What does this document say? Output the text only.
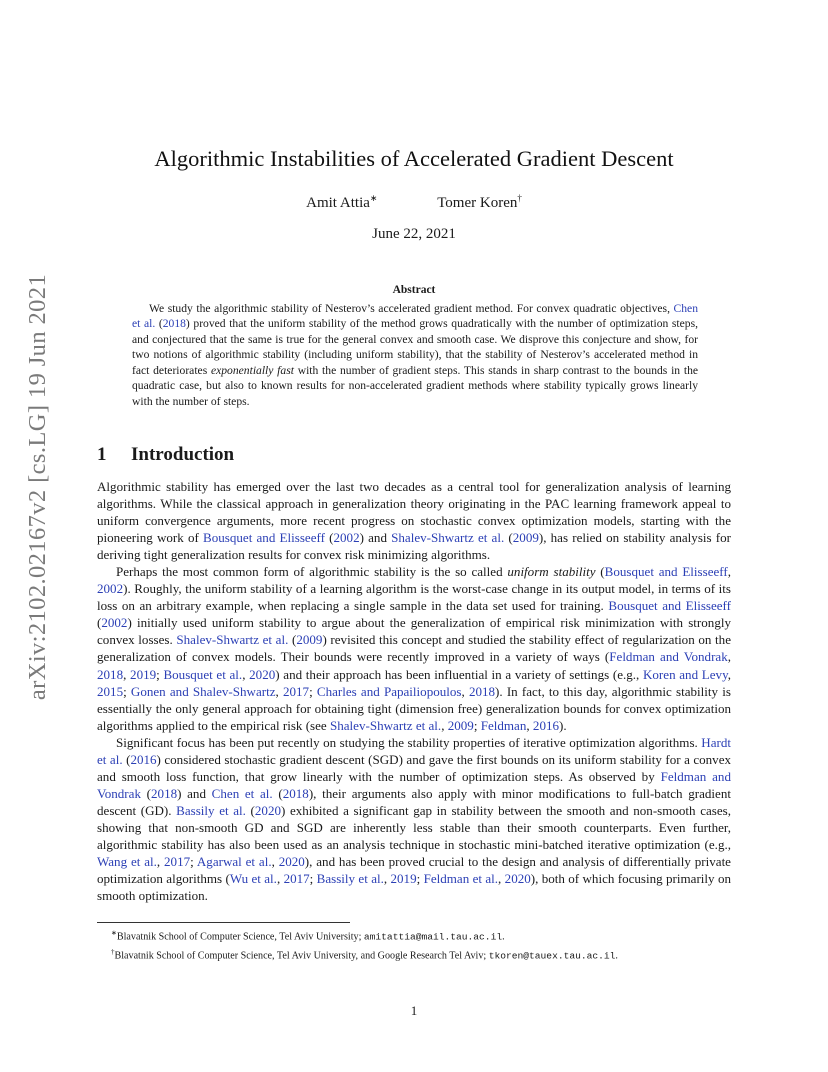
arXiv:2102.02167v2 [cs.LG] 19 Jun 2021
Algorithmic Instabilities of Accelerated Gradient Descent
Amit Attia∗	Tomer Koren†
June 22, 2021
Abstract
We study the algorithmic stability of Nesterov’s accelerated gradient method. For convex quadratic objectives, Chen et al. (2018) proved that the uniform stability of the method grows quadratically with the number of optimization steps, and conjectured that the same is true for the general convex and smooth case. We disprove this conjecture and show, for two notions of algorithmic stability (including uniform stability), that the stability of Nesterov’s accelerated method in fact deteriorates exponentially fast with the number of gradient steps. This stands in sharp contrast to the bounds in the quadratic case, but also to known results for non-accelerated gradient methods where stability typically grows linearly with the number of steps.
1 Introduction

Algorithmic stability has emerged over the last two decades as a central tool for generalization analysis of learning algorithms. While the classical approach in generalization theory originating in the PAC learning framework appeal to uniform convergence arguments, more recent progress on stochastic convex optimization models, starting with the pioneering work of Bousquet and Elisseeff (2002) and Shalev-Shwartz et al. (2009), has relied on stability analysis for deriving tight generalization results for convex risk minimizing algorithms.

Perhaps the most common form of algorithmic stability is the so called uniform stability (Bousquet and Elisseeff, 2002). Roughly, the uniform stability of a learning algorithm is the worst-case change in its output model, in terms of its loss on an arbitrary example, when replacing a single sample in the data set used for training. Bousquet and Elisseeff (2002) initially used uniform stability to argue about the generalization of empirical risk minimization with strongly convex losses. Shalev-Shwartz et al. (2009) revisited this concept and studied the stability effect of regularization on the generalization of convex models. Their bounds were recently improved in a variety of ways (Feldman and Vondrak, 2018, 2019; Bousquet et al., 2020) and their approach has been influential in a variety of settings (e.g., Koren and Levy, 2015; Gonen and Shalev-Shwartz, 2017; Charles and Papailiopoulos, 2018). In fact, to this day, algorithmic stability is essentially the only general approach for obtaining tight (dimension free) generalization bounds for convex optimization algorithms applied to the empirical risk (see Shalev-Shwartz et al., 2009; Feldman, 2016).

Significant focus has been put recently on studying the stability properties of iterative optimization algorithms. Hardt et al. (2016) considered stochastic gradient descent (SGD) and gave the first bounds on its uniform stability for a convex and smooth loss function, that grow linearly with the number of optimization steps. As observed by Feldman and Vondrak (2018) and Chen et al. (2018), their arguments also apply with minor modifications to full-batch gradient descent (GD). Bassily et al. (2020) exhibited a significant gap in stability between the smooth and non-smooth cases, showing that non-smooth GD and SGD are inherently less stable than their smooth counterparts. Even further, algorithmic stability has also been used as an analysis technique in stochastic mini-batched iterative optimization (e.g., Wang et al., 2017; Agarwal et al., 2020), and has been proved crucial to the design and analysis of differentially private optimization algorithms (Wu et al., 2017; Bassily et al., 2019; Feldman et al., 2020), both of which focusing primarily on smooth optimization.

∗Blavatnik School of Computer Science, Tel Aviv University; amitattia@mail.tau.ac.il.
†Blavatnik School of Computer Science, Tel Aviv University, and Google Research Tel Aviv; tkoren@tauex.tau.ac.il.
1
